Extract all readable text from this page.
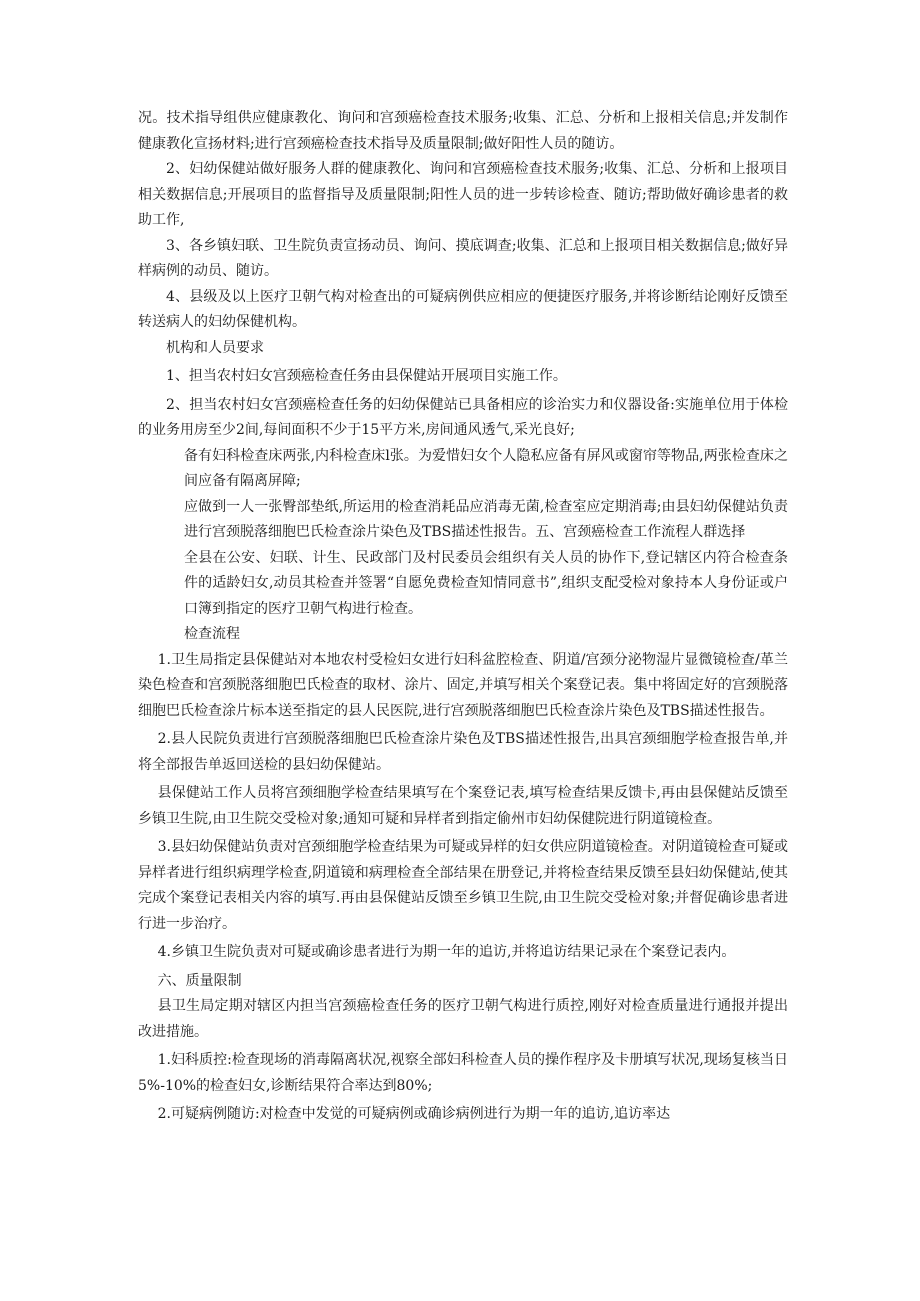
况。技术指导组供应健康教化、询问和宫颈癌检查技术服务;收集、汇总、分析和上报相关信息;并发制作健康教化宣扬材料;进行宫颈癌检查技术指导及质量限制;做好阳性人员的随访。

2、妇幼保健站做好服务人群的健康教化、询问和宫颈癌检查技术服务;收集、汇总、分析和上报项目相关数据信息;开展项目的监督指导及质量限制;阳性人员的进一步转诊检查、随访;帮助做好确诊患者的救助工作,

3、各乡镇妇联、卫生院负责宣扬动员、询问、摸底调查;收集、汇总和上报项目相关数据信息;做好异样病例的动员、随访。

4、县级及以上医疗卫朝气构对检查出的可疑病例供应相应的便捷医疗服务,并将诊断结论刚好反馈至转送病人的妇幼保健机构。

机构和人员要求

1、担当农村妇女宫颈癌检查任务由县保健站开展项目实施工作。

2、担当农村妇女宫颈癌检查任务的妇幼保健站已具备相应的诊治实力和仪器设备:实施单位用于体检的业务用房至少2间,每间面积不少于15平方米,房间通风透气,采光良好;

备有妇科检查床两张,内科检查床l张。为爱惜妇女个人隐私应备有屏风或窗帘等物品,两张检查床之间应备有隔离屏障;

应做到一人一张臀部垫纸,所运用的检查消耗品应消毒无菌,检查室应定期消毒;由县妇幼保健站负责进行宫颈脱落细胞巴氏检查涂片染色及TBS描述性报告。五、宫颈癌检查工作流程人群选择

全县在公安、妇联、计生、民政部门及村民委员会组织有关人员的协作下,登记辖区内符合检查条件的适龄妇女,动员其检查并签署“自愿免费检查知情同意书”,组织支配受检对象持本人身份证或户口簿到指定的医疗卫朝气构进行检查。

检查流程

1.卫生局指定县保健站对本地农村受检妇女进行妇科盆腔检查、阴道/宫颈分泌物湿片显微镜检查/革兰染色检查和宫颈脱落细胞巴氏检查的取材、涂片、固定,并填写相关个案登记表。集中将固定好的宫颈脱落细胞巴氏检查涂片标本送至指定的县人民医院,进行宫颈脱落细胞巴氏检查涂片染色及TBS描述性报告。

2.县人民院负责进行宫颈脱落细胞巴氏检查涂片染色及TBS描述性报告,出具宫颈细胞学检查报告单,并将全部报告单返回送检的县妇幼保健站。

县保健站工作人员将宫颈细胞学检查结果填写在个案登记表,填写检查结果反馈卡,再由县保健站反馈至乡镇卫生院,由卫生院交受检对象;通知可疑和异样者到指定偷州市妇幼保健院进行阴道镜检查。

3.县妇幼保健站负责对宫颈细胞学检查结果为可疑或异样的妇女供应阴道镜检查。对阴道镜检查可疑或异样者进行组织病理学检查,阴道镜和病理检查全部结果在册登记,并将检查结果反馈至县妇幼保健站,使其完成个案登记表相关内容的填写.再由县保健站反馈至乡镇卫生院,由卫生院交受检对象;并督促确诊患者进行进一步治疗。

4.乡镇卫生院负责对可疑或确诊患者进行为期一年的追访,并将追访结果记录在个案登记表内。

六、质量限制

县卫生局定期对辖区内担当宫颈癌检查任务的医疗卫朝气构进行质控,刚好对检查质量进行通报并提出改进措施。

1.妇科质控:检查现场的消毒隔离状况,视察全部妇科检查人员的操作程序及卡册填写状况,现场复核当日5%-10%的检查妇女,诊断结果符合率达到80%;

2.可疑病例随访:对检查中发觉的可疑病例或确诊病例进行为期一年的追访,追访率达
